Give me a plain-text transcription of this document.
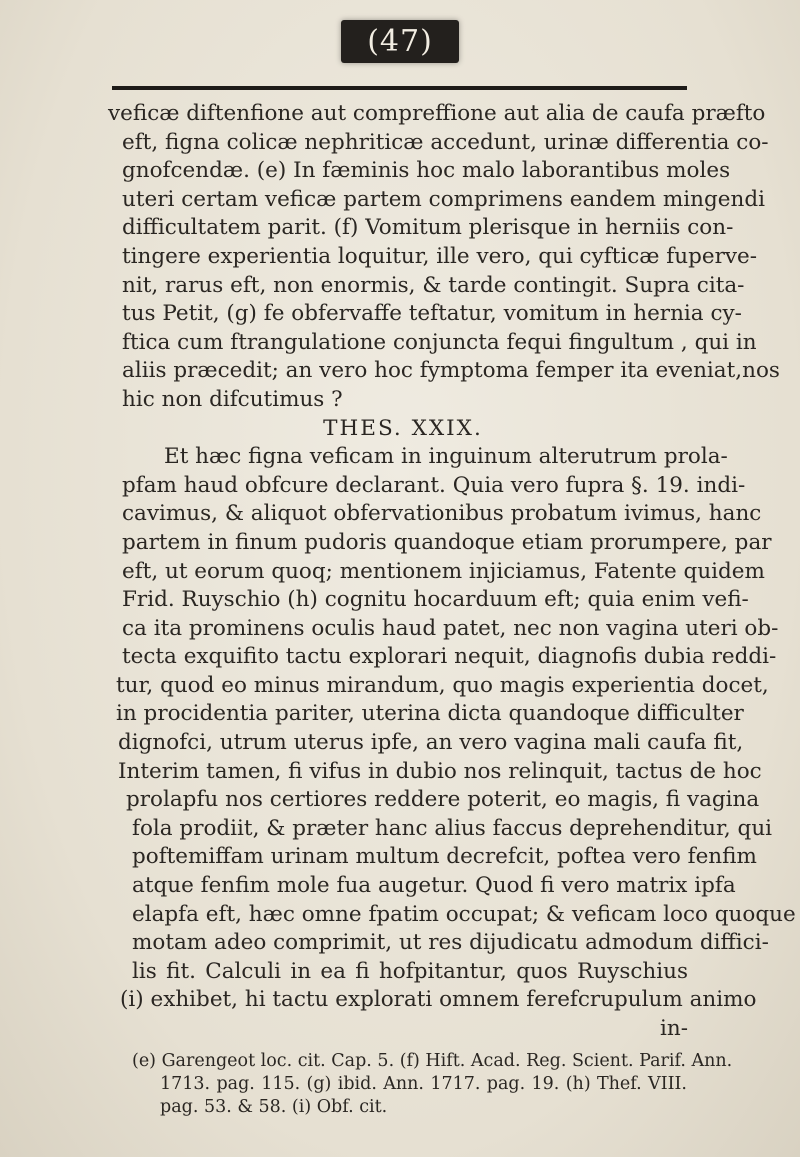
(47)
veficæ diftenfione aut compreffione aut alia de caufa præfto
eft, figna colicæ nephriticæ accedunt, urinæ differentia co-
gnofcendæ. (e) In fæminis hoc malo laborantibus moles
uteri certam veficæ partem comprimens eandem mingendi
difficultatem parit. (f) Vomitum plerisque in herniis con-
tingere experientia loquitur, ille vero, qui cyfticæ fuperve-
nit, rarus eft, non enormis, & tarde contingit. Supra cita-
tus Petit, (g) fe obfervaffe teftatur, vomitum in hernia cy-
ftica cum ftrangulatione conjuncta fequi fingultum , qui in
aliis præcedit; an vero hoc fymptoma femper ita eveniat,nos
hic non difcutimus ?
THES. XXIX.
Et hæc figna veficam in inguinum alterutrum prola-
pfam haud obfcure declarant. Quia vero fupra §. 19. indi-
cavimus, & aliquot obfervationibus probatum ivimus, hanc
partem in finum pudoris quandoque etiam prorumpere, par
eft, ut eorum quoq; mentionem injiciamus, Fatente quidem
Frid. Ruyschio (h) cognitu hocarduum eft; quia enim vefi-
ca ita prominens oculis haud patet, nec non vagina uteri ob-
tecta exquifito tactu explorari nequit, diagnofis dubia reddi-
tur, quod eo minus mirandum, quo magis experientia docet,
in procidentia pariter, uterina dicta quandoque difficulter
dignofci, utrum uterus ipfe, an vero vagina mali caufa fit,
Interim tamen, fi vifus in dubio nos relinquit, tactus de hoc
prolapfu nos certiores reddere poterit, eo magis, fi vagina
fola prodiit, & præter hanc alius faccus deprehenditur, qui
poftemiffam urinam multum decrefcit, poftea vero fenfim
atque fenfim mole fua augetur. Quod fi vero matrix ipfa
elapfa eft, hæc omne fpatim occupat; & veficam loco quoque
motam adeo comprimit, ut res dijudicatu admodum diffici-
lis fit. Calculi in ea fi hofpitantur, quos Ruyschius
(i) exhibet, hi tactu explorati omnem ferefcrupulum animo
in-
(e) Garengeot loc. cit. Cap. 5. (f) Hift. Acad. Reg. Scient. Parif. Ann.
1713. pag. 115. (g) ibid. Ann. 1717. pag. 19. (h) Thef. VIII.
pag. 53. & 58. (i) Obf. cit.
